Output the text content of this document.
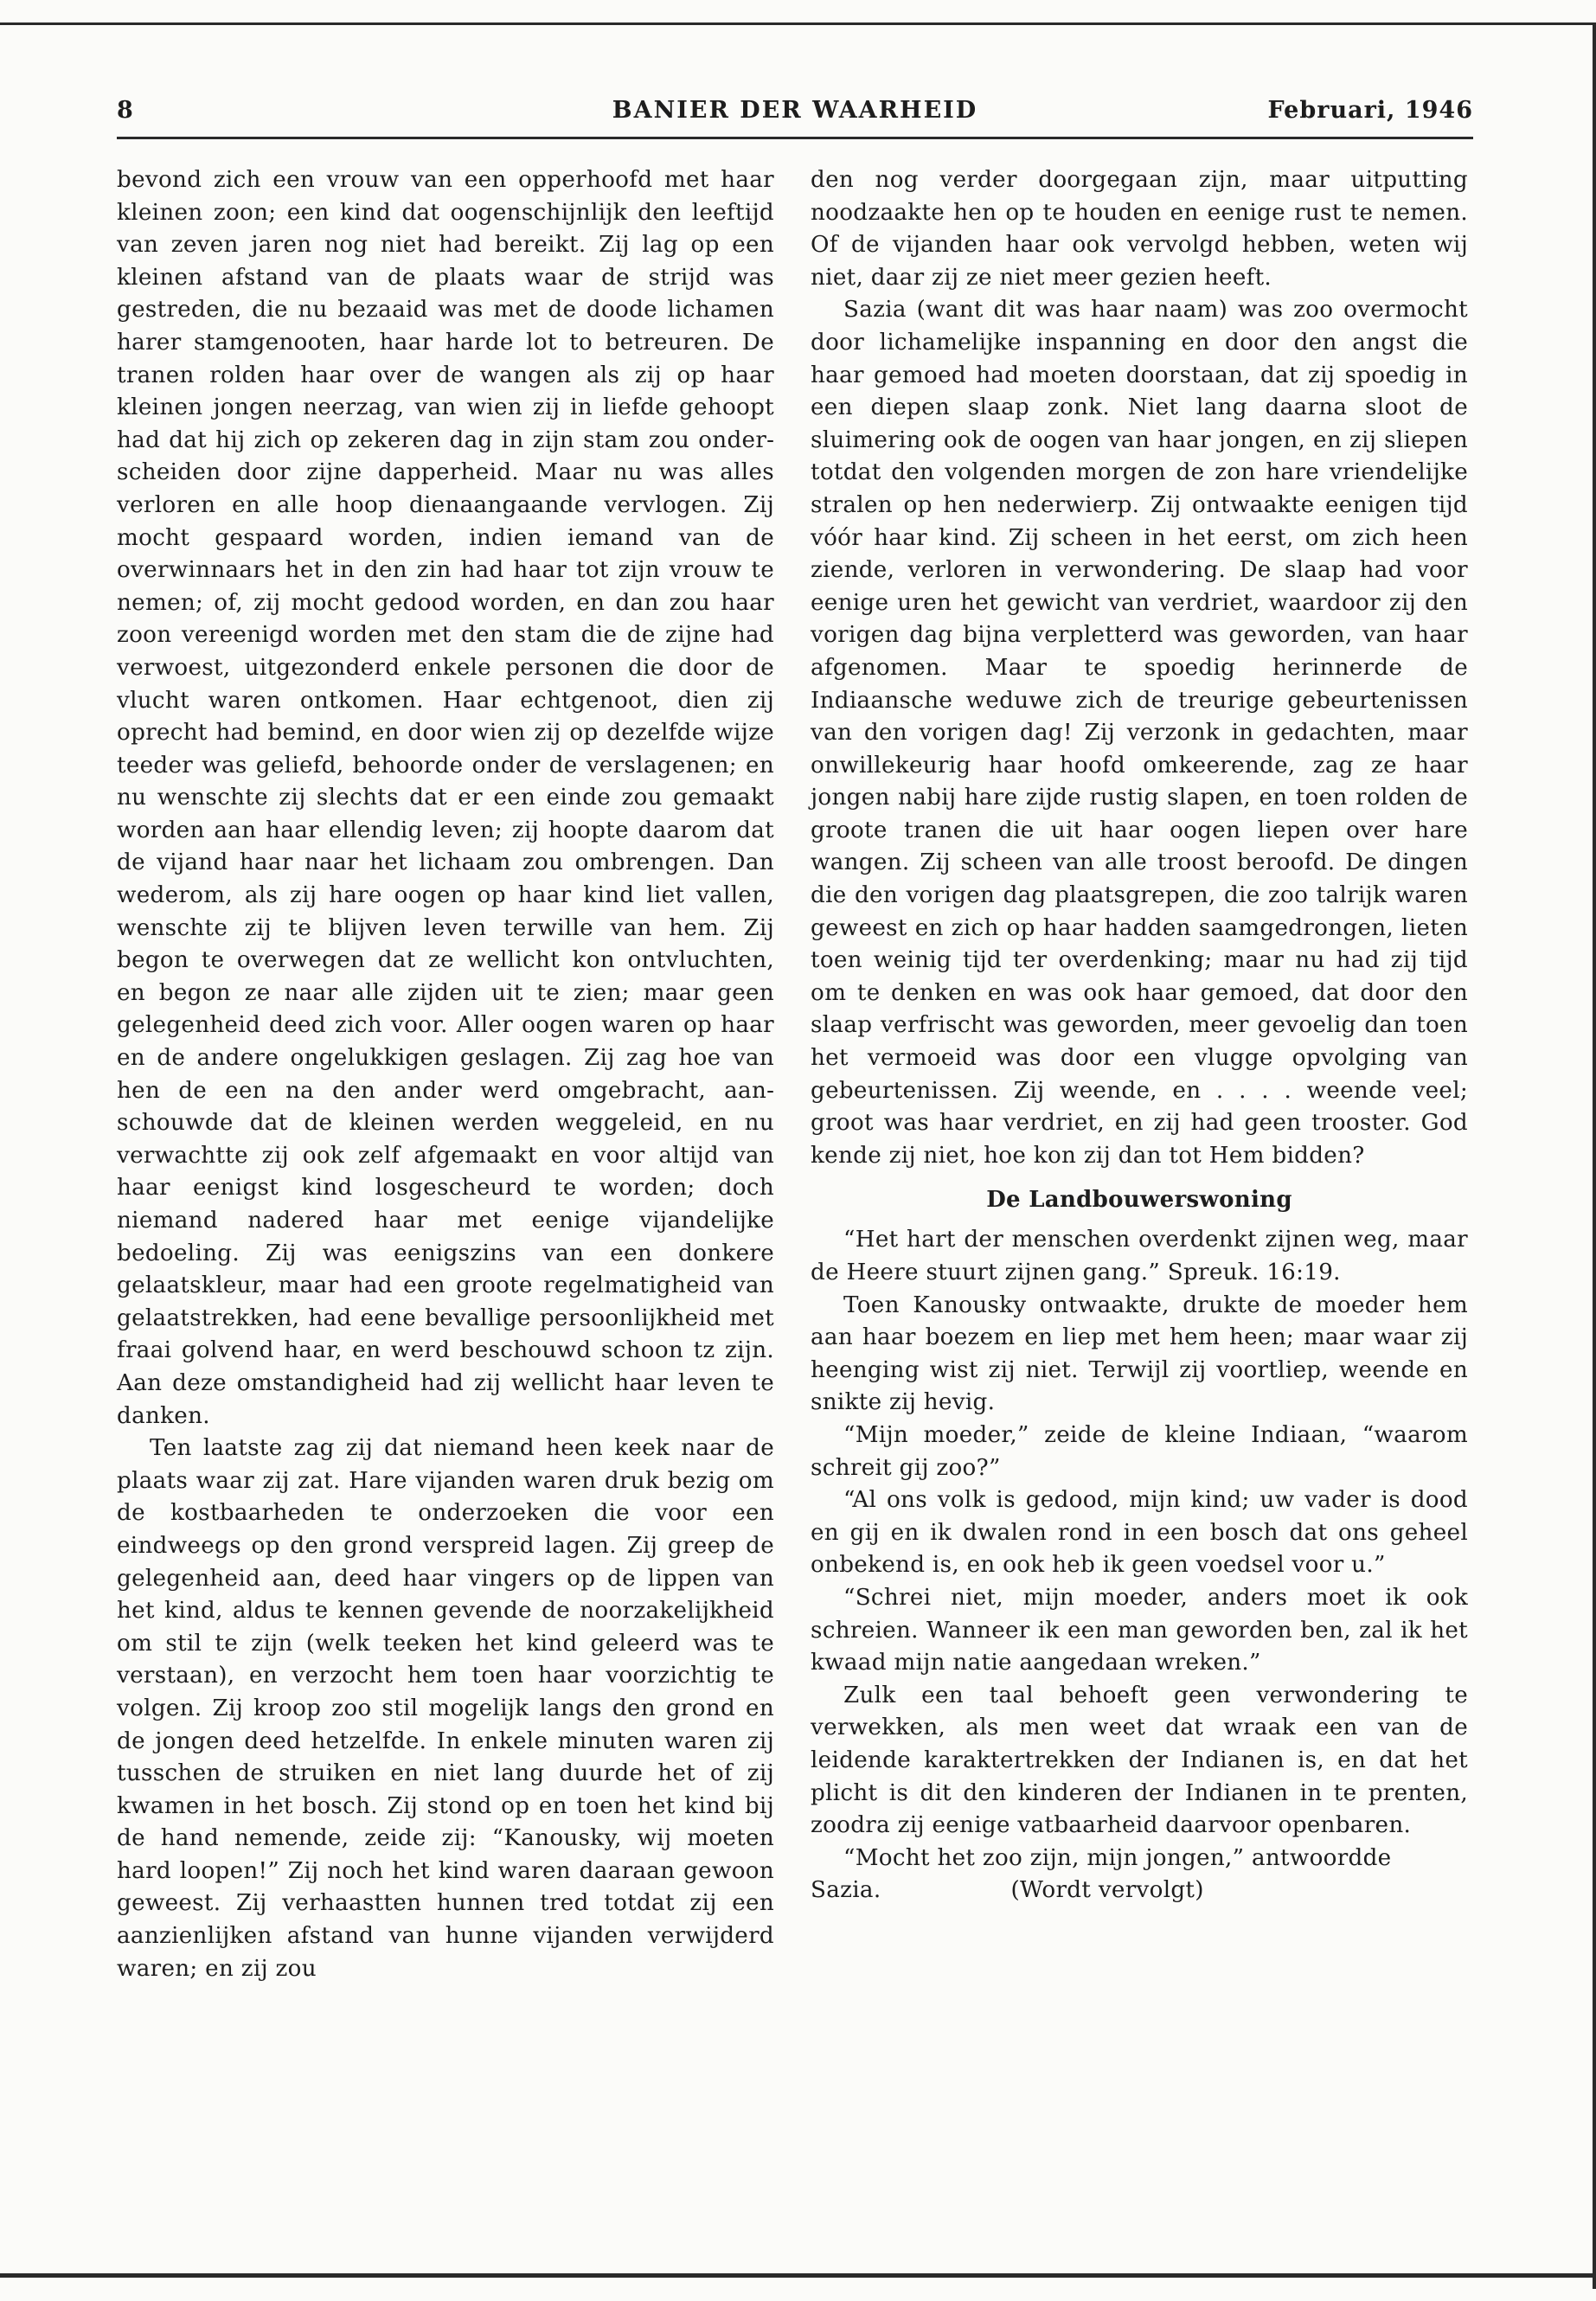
BANIER DER WAARHEID
8	Februari, 1946

bevond zich een vrouw van een opperhoofd met haar kleinen zoon; een kind dat oogenschijnlijk den leeftijd van zeven jaren nog niet had bereikt. Zij lag op een kleinen afstand van de plaats waar de strijd was gestreden, die nu bezaaid was met de doode lichamen harer stamgenooten, haar harde lot to betreuren. De tranen rolden haar over de wangen als zij op haar kleinen jongen neerzag, van wien zij in liefde gehoopt had dat hij zich op zekeren dag in zijn stam zou onderscheiden door zijne dapperheid. Maar nu was alles verloren en alle hoop dienaangaande vervlogen. Zij mocht gespaard worden, indien iemand van de overwinnaars het in den zin had haar tot zijn vrouw te nemen; of, zij mocht gedood worden, en dan zou haar zoon vereenigd worden met den stam die de zijne had verwoest, uitgezonderd enkele personen die door de vlucht waren ontkomen. Haar echtgenoot, dien zij oprecht had bemind, en door wien zij op dezelfde wijze teeder was geliefd, behoorde onder de verslagenen; en nu wenschte zij slechts dat er een einde zou gemaakt worden aan haar ellendig leven; zij hoopte daarom dat de vijand haar naar het lichaam zou ombrengen. Dan wederom, als zij hare oogen op haar kind liet vallen, wenschte zij te blijven leven terwille van hem. Zij begon te overwegen dat ze wellicht kon ontvluchten, en begon ze naar alle zijden uit te zien; maar geen gelegenheid deed zich voor. Aller oogen waren op haar en de andere ongelukkigen geslagen. Zij zag hoe van hen de een na den ander werd omgebracht, aanschouwde dat de kleinen werden weggeleid, en nu verwachtte zij ook zelf afgemaakt en voor altijd van haar eenigst kind losgescheurd te worden; doch niemand nadered haar met eenige vijandelijke bedoeling. Zij was eenigszins van een donkere gelaatskleur, maar had een groote regelmatigheid van gelaatstrekken, had eene bevallige persoonlijkheid met fraai golvend haar, en werd beschouwd schoon tz zijn. Aan deze omstandigheid had zij wellicht haar leven te danken.

Ten laatste zag zij dat niemand heen keek naar de plaats waar zij zat. Hare vijanden waren druk bezig om de kostbaarheden te onderzoeken die voor een eindweegs op den grond verspreid lagen. Zij greep de gelegenheid aan, deed haar vingers op de lippen van het kind, aldus te kennen gevende de noorzakelijkheid om stil te zijn (welk teeken het kind geleerd was te verstaan), en verzocht hem toen haar voorzichtig te volgen. Zij kroop zoo stil mogelijk langs den grond en de jongen deed hetzelfde. In enkele minuten waren zij tusschen de struiken en niet lang duurde het of zij kwamen in het bosch. Zij stond op en toen het kind bij de hand nemende, zeide zij: “Kanousky, wij moeten hard loopen!” Zij noch het kind waren daaraan gewoon geweest. Zij verhaastten hunnen tred totdat zij een aanzienlijken afstand van hunne vijanden verwijderd waren; en zij zou

den nog verder doorgegaan zijn, maar uitputting noodzaakte hen op te houden en eenige rust te nemen. Of de vijanden haar ook vervolgd hebben, weten wij niet, daar zij ze niet meer gezien heeft.

Sazia (want dit was haar naam) was zoo overmocht door lichamelijke inspanning en door den angst die haar gemoed had moeten doorstaan, dat zij spoedig in een diepen slaap zonk. Niet lang daarna sloot de sluimering ook de oogen van haar jongen, en zij sliepen totdat den volgenden morgen de zon hare vriendelijke stralen op hen nederwierp. Zij ontwaakte eenigen tijd vóór haar kind. Zij scheen in het eerst, om zich heen ziende, verloren in verwondering. De slaap had voor eenige uren het gewicht van verdriet, waardoor zij den vorigen dag bijna verpletterd was geworden, van haar afgenomen. Maar te spoedig herinnerde de Indiaansche weduwe zich de treurige gebeurtenissen van den vorigen dag! Zij verzonk in gedachten, maar onwillekeurig haar hoofd omkeerende, zag ze haar jongen nabij hare zijde rustig slapen, en toen rolden de groote tranen die uit haar oogen liepen over hare wangen. Zij scheen van alle troost beroofd. De dingen die den vorigen dag plaatsgrepen, die zoo talrijk waren geweest en zich op haar hadden saamgedrongen, lieten toen weinig tijd ter overdenking; maar nu had zij tijd om te denken en was ook haar gemoed, dat door den slaap verfrischt was geworden, meer gevoelig dan toen het vermoeid was door een vlugge opvolging van gebeurtenissen. Zij weende, en . . . . weende veel; groot was haar verdriet, en zij had geen trooster. God kende zij niet, hoe kon zij dan tot Hem bidden?

De Landbouwerswoning

“Het hart der menschen overdenkt zijnen weg, maar de Heere stuurt zijnen gang.” Spreuk. 16:19.

Toen Kanousky ontwaakte, drukte de moeder hem aan haar boezem en liep met hem heen; maar waar zij heenging wist zij niet. Terwijl zij voortliep, weende en snikte zij hevig.

“Mijn moeder,” zeide de kleine Indiaan, “waarom schreit gij zoo?”

“Al ons volk is gedood, mijn kind; uw vader is dood en gij en ik dwalen rond in een bosch dat ons geheel onbekend is, en ook heb ik geen voedsel voor u.”

“Schrei niet, mijn moeder, anders moet ik ook schreien. Wanneer ik een man geworden ben, zal ik het kwaad mijn natie aangedaan wreken.”

Zulk een taal behoeft geen verwondering te verwekken, als men weet dat wraak een van de leidende karaktertrekken der Indianen is, en dat het plicht is dit den kinderen der Indianen in te prenten, zoodra zij eenige vatbaarheid daarvoor openbaren.

“Mocht het zoo zijn, mijn jongen,” antwoordde

Sazia.	(Wordt vervolgt)
